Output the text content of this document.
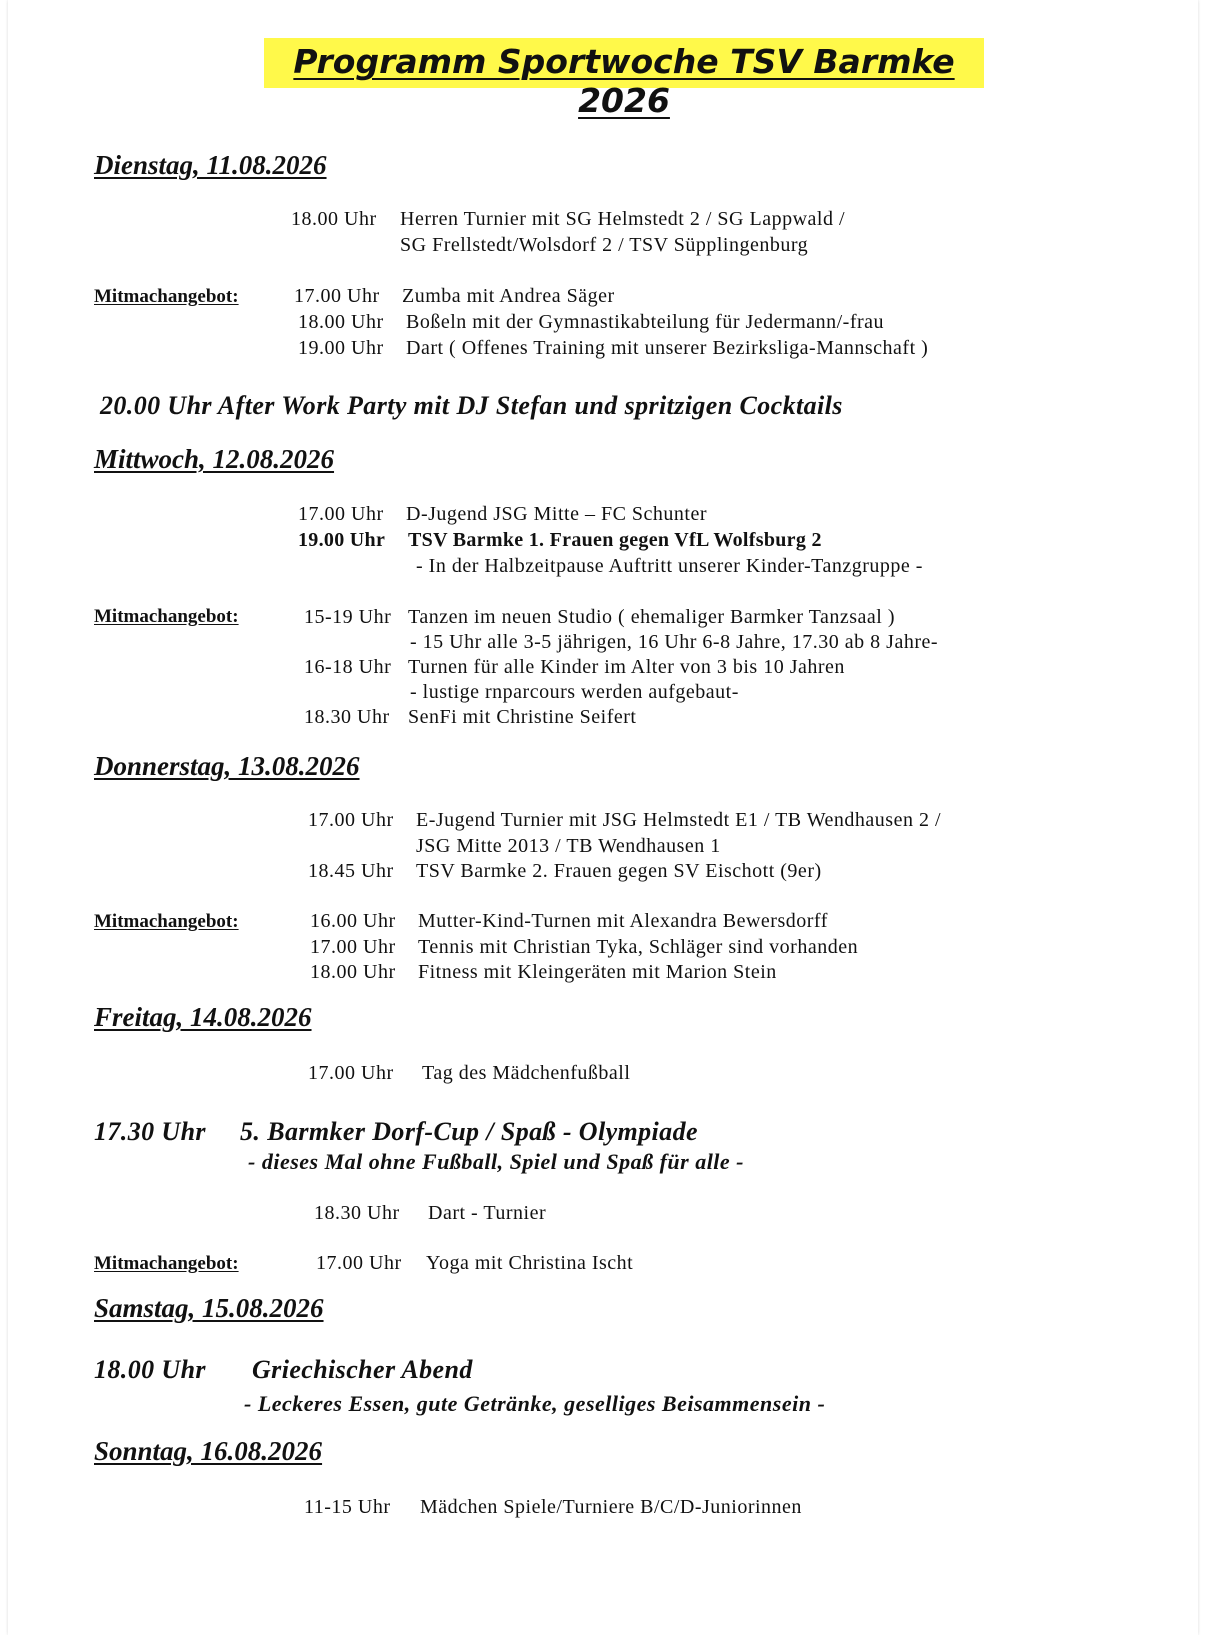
Programm Sportwoche TSV Barmke 2026
Dienstag, 11.08.2026
18.00 Uhr Herren Turnier mit SG Helmstedt 2 / SG Lappwald /
SG Frellstedt/Wolsdorf 2 / TSV Süpplingenburg
Mitmachangebot:	17.00 Uhr Zumba mit Andrea Säger
18.00 Uhr Boßeln mit der Gymnastikabteilung für Jedermann/-frau
19.00 Uhr Dart ( Offenes Training mit unserer Bezirksliga-Mannschaft )
20.00 Uhr After Work Party mit DJ Stefan und spritzigen Cocktails
Mittwoch, 12.08.2026
17.00 Uhr D-Jugend JSG Mitte – FC Schunter
19.00 Uhr TSV Barmke 1. Frauen gegen VfL Wolfsburg 2
- In der Halbzeitpause Auftritt unserer Kinder-Tanzgruppe -
Mitmachangebot:	15-19 Uhr Tanzen im neuen Studio ( ehemaliger Barmker Tanzsaal )
- 15 Uhr alle 3-5 jährigen, 16 Uhr 6-8 Jahre, 17.30 ab 8 Jahre-
16-18 Uhr Turnen für alle Kinder im Alter von 3 bis 10 Jahren
- lustige rnparcours werden aufgebaut-
18.30 Uhr SenFi mit Christine Seifert
Donnerstag, 13.08.2026
17.00 Uhr E-Jugend Turnier mit JSG Helmstedt E1 / TB Wendhausen 2 /
JSG Mitte 2013 / TB Wendhausen 1
18.45 Uhr TSV Barmke 2. Frauen gegen SV Eischott (9er)
Mitmachangebot:	16.00 Uhr Mutter-Kind-Turnen mit Alexandra Bewersdorff
17.00 Uhr Tennis mit Christian Tyka, Schläger sind vorhanden
18.00 Uhr Fitness mit Kleingeräten mit Marion Stein
Freitag, 14.08.2026
17.00 Uhr Tag des Mädchenfußball
17.30 Uhr 5. Barmker Dorf-Cup / Spaß - Olympiade
- dieses Mal ohne Fußball, Spiel und Spaß für alle -
18.30 Uhr Dart - Turnier
Mitmachangebot:	17.00 Uhr Yoga mit Christina Ischt
Samstag, 15.08.2026
18.00 Uhr Griechischer Abend
- Leckeres Essen, gute Getränke, geselliges Beisammensein -
Sonntag, 16.08.2026
11-15 Uhr Mädchen Spiele/Turniere B/C/D-Juniorinnen
